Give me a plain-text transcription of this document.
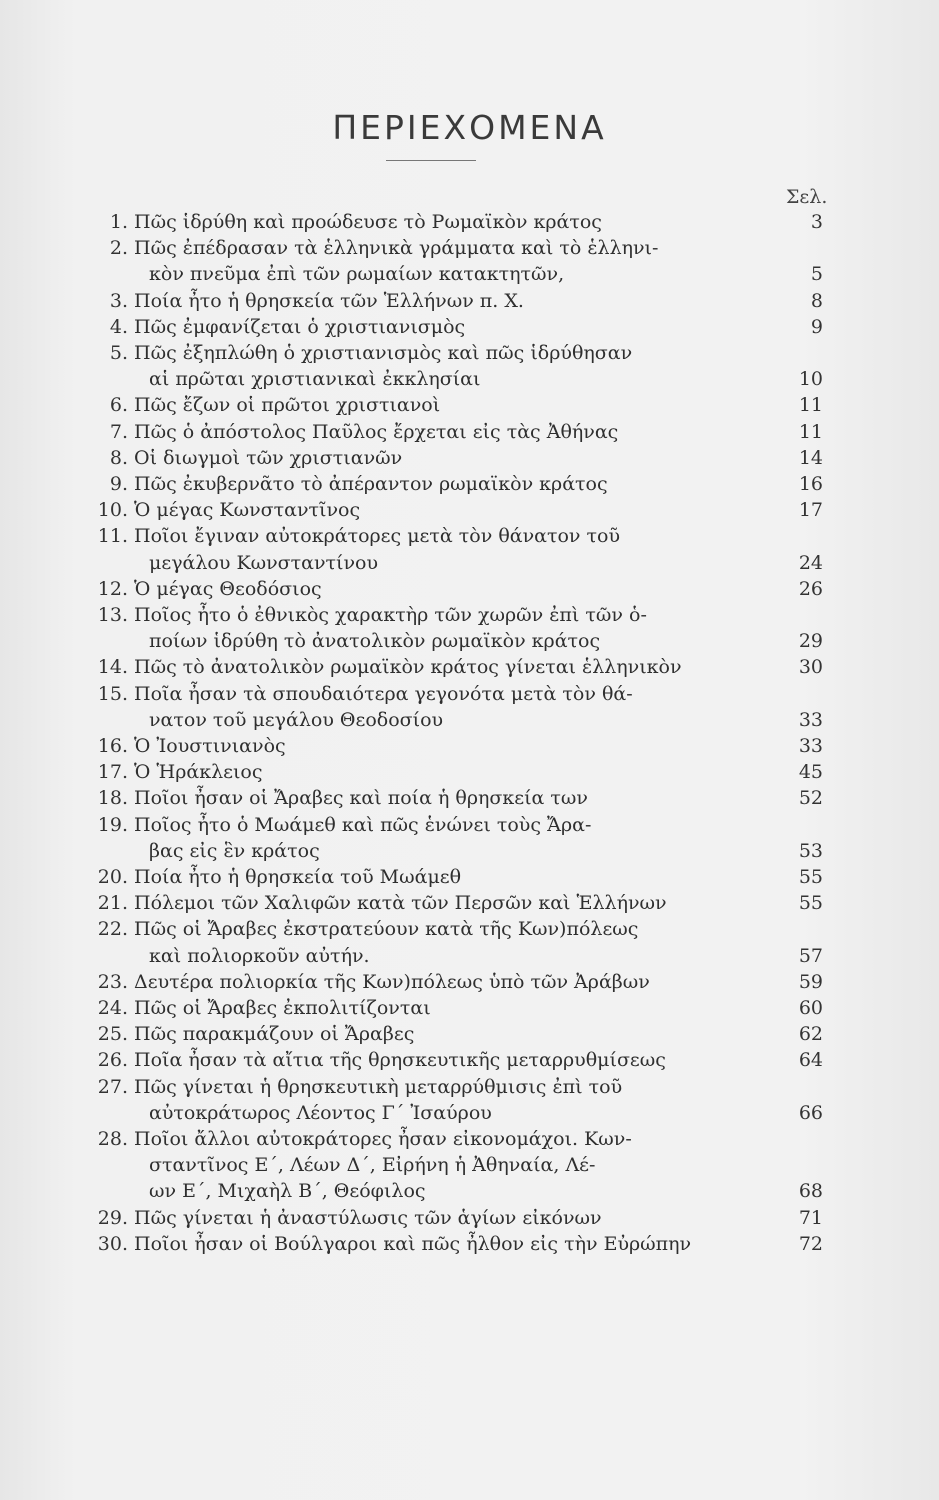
ΠΕΡΙΕΧΟΜΕΝΑ
Σελ.
1. Πῶς ἱδρύθη καὶ προώδευσε τὸ Ρωμαϊκὸν κράτος	3
2. Πῶς ἐπέδρασαν τὰ ἑλληνικὰ γράμματα καὶ τὸ ἑλληνι-
κὸν πνεῦμα ἐπὶ τῶν ρωμαίων κατακτητῶν,	5
3. Ποία ἦτο ἡ θρησκεία τῶν Ἑλλήνων π. Χ.	8
4. Πῶς ἐμφανίζεται ὁ χριστιανισμὸς	9
5. Πῶς ἐξηπλώθη ὁ χριστιανισμὸς καὶ πῶς ἱδρύθησαν
αἱ πρῶται χριστιανικαὶ ἐκκλησίαι	10
6. Πῶς ἔζων οἱ πρῶτοι χριστιανοὶ	11
7. Πῶς ὁ ἀπόστολος Παῦλος ἔρχεται εἰς τὰς Ἀθήνας	11
8. Οἱ διωγμοὶ τῶν χριστιανῶν	14
9. Πῶς ἐκυβερνᾶτο τὸ ἀπέραντον ρωμαϊκὸν κράτος	16
10. Ὁ μέγας Κωνσταντῖνος	17
11. Ποῖοι ἔγιναν αὐτοκράτορες μετὰ τὸν θάνατον τοῦ
μεγάλου Κωνσταντίνου	24
12. Ὁ μέγας Θεοδόσιος	26
13. Ποῖος ἦτο ὁ ἐθνικὸς χαρακτὴρ τῶν χωρῶν ἐπὶ τῶν ὁ-
ποίων ἱδρύθη τὸ ἀνατολικὸν ρωμαϊκὸν κράτος	29
14. Πῶς τὸ ἀνατολικὸν ρωμαϊκὸν κράτος γίνεται ἑλληνικὸν	30
15. Ποῖα ἦσαν τὰ σπουδαιότερα γεγονότα μετὰ τὸν θά-
νατον τοῦ μεγάλου Θεοδοσίου	33
16. Ὁ Ἰουστινιανὸς	33
17. Ὁ Ἡράκλειος	45
18. Ποῖοι ἦσαν οἱ Ἄραβες καὶ ποία ἡ θρησκεία των	52
19. Ποῖος ἦτο ὁ Μωάμεθ καὶ πῶς ἑνώνει τοὺς Ἄρα-
βας εἰς ἓν κράτος	53
20. Ποία ἦτο ἡ θρησκεία τοῦ Μωάμεθ	55
21. Πόλεμοι τῶν Χαλιφῶν κατὰ τῶν Περσῶν καὶ Ἑλλήνων	55
22. Πῶς οἱ Ἄραβες ἐκστρατεύουν κατὰ τῆς Κων)πόλεως
καὶ πολιορκοῦν αὐτήν.	57
23. Δευτέρα πολιορκία τῆς Κων)πόλεως ὑπὸ τῶν Ἀράβων	59
24. Πῶς οἱ Ἄραβες ἐκπολιτίζονται	60
25. Πῶς παρακμάζουν οἱ Ἄραβες	62
26. Ποῖα ἦσαν τὰ αἴτια τῆς θρησκευτικῆς μεταρρυθμίσεως	64
27. Πῶς γίνεται ἡ θρησκευτικὴ μεταρρύθμισις ἐπὶ τοῦ
αὐτοκράτωρος Λέοντος Γ΄ Ἰσαύρου	66
28. Ποῖοι ἄλλοι αὐτοκράτορες ἦσαν εἰκονομάχοι. Κων-
σταντῖνος Ε΄, Λέων Δ΄, Εἰρήνη ἡ Ἀθηναία, Λέ-
ων Ε΄, Μιχαὴλ Β΄, Θεόφιλος	68
29. Πῶς γίνεται ἡ ἀναστύλωσις τῶν ἁγίων εἰκόνων	71
30. Ποῖοι ἦσαν οἱ Βούλγαροι καὶ πῶς ἦλθον εἰς τὴν Εὐρώπην	72
